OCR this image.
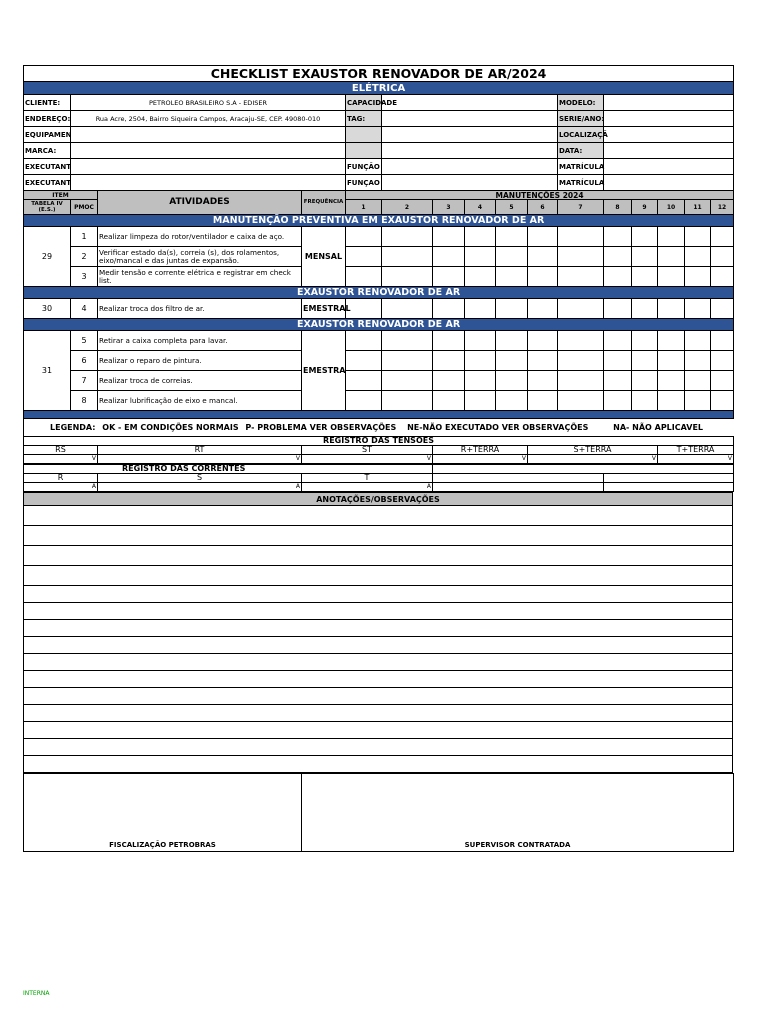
CHECKLIST EXAUSTOR RENOVADOR DE AR/2024															
ELÉTRICA															
CLIENTE:	PETROLEO BRASILEIRO S.A - EDISER			CAPACIDADE						MODELO:					
ENDEREÇO:	Rua Acre, 2504, Bairro Siqueira Campos, Aracaju-SE, CEP. 49080-010			TAG:						SERIE/ANO:					
EQUIPAMEN										LOCALIZAÇÃ					
MARCA:										DATA:					
EXECUTANT				FUNÇÃO						MATRÍCULA					
EXECUTANT				FUNÇAO						MATRÍCULA					
ITEM		ATIVIDADES	FREQUÊNCIA	MANUTENÇÕES 2024											
TABELA IV (E.S.)	PMOC			1	2	3	4	5	6	7	8	9	10	11	12
MANUTENÇÃO PREVENTIVA EM EXAUSTOR RENOVADOR DE AR															
29	1	Realizar limpeza do rotor/ventilador e caixa de aço.	MENSAL												
	2	Verificar estado da(s), correia (s), dos rolamentos, eixo/mancal e das juntas de expansão.													
	3	Medir tensão e corrente elétrica e registrar em check list.													
EXAUSTOR RENOVADOR DE AR															
30	4	Realizar troca dos filtro de ar.	EMESTRAL												
EXAUSTOR RENOVADOR DE AR															
31	5	Retirar a caixa completa para lavar.	EMESTRA												
	6	Realizar o reparo de pintura.													
	7	Realizar troca de correias.													
	8	Realizar lubrificação de eixo e mancal.													

LEGENDA: OK - EM CONDIÇÕES NORMAIS P- PROBLEMA VER OBSERVAÇÕES NE-NÃO EXECUTADO VER OBSERVAÇÕES	NA- NÃO APLICAVEL
REGISTRO DAS TENSOES					
RS	RT	ST	R+TERRA	S+TERRA	T+TERRA
V	V	V	V	V	V
REGISTRO DAS CORRENTES				
R	S	T		
A	A	A		
ANOTAÇÕES/OBSERVAÇÕES

FISCALIZAÇÃO PETROBRAS	SUPERVISOR CONTRATADA
INTERNA
